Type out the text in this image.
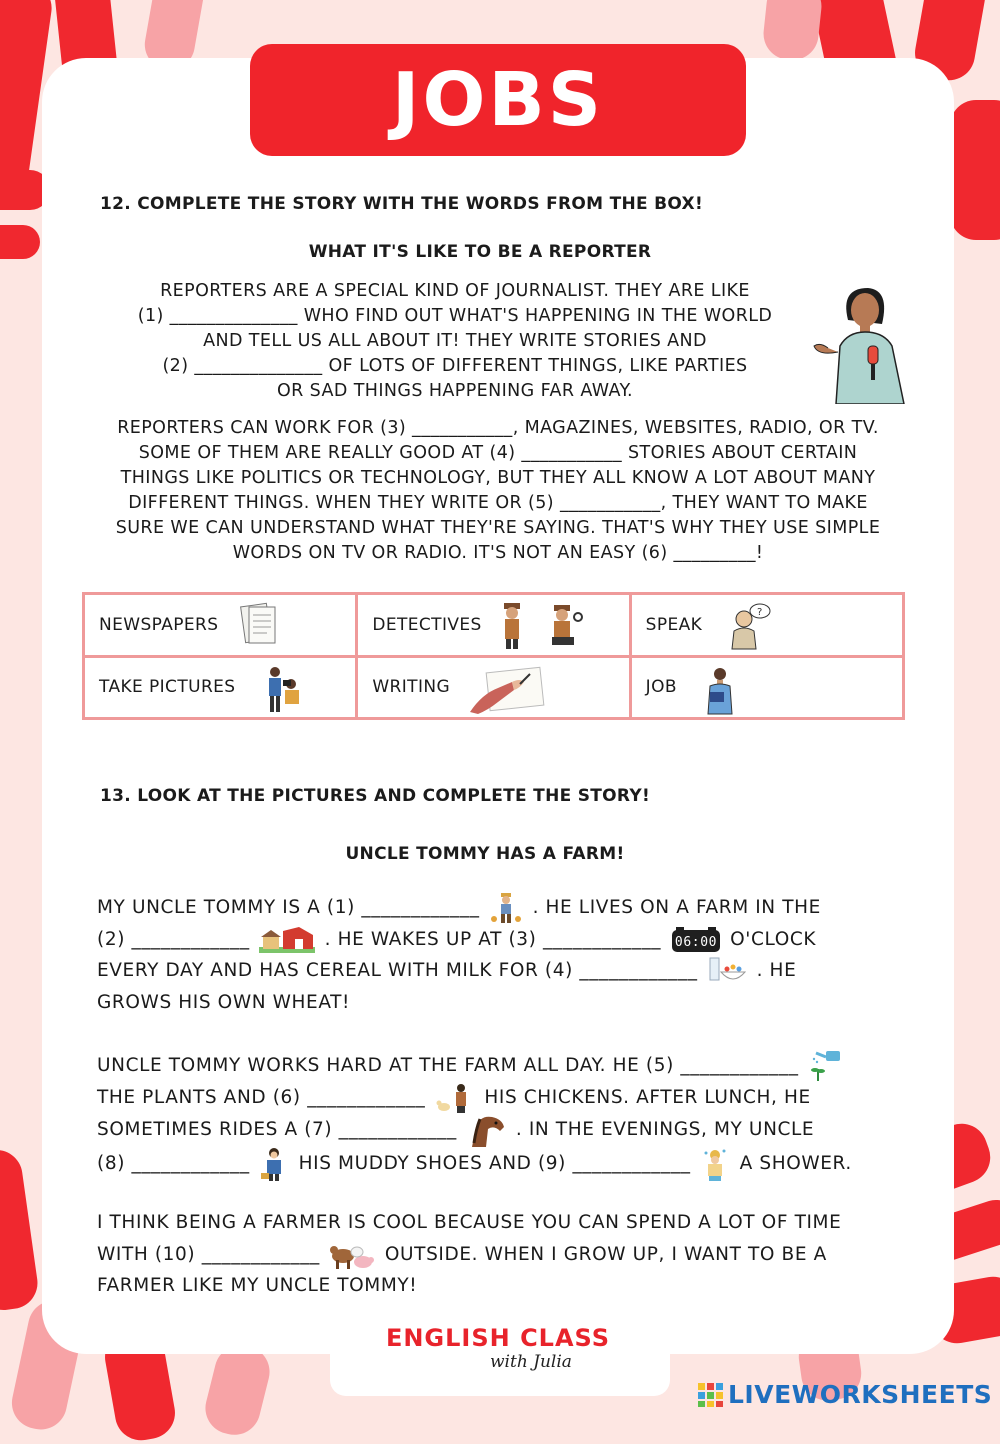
JOBS
12. COMPLETE THE STORY WITH THE WORDS FROM THE BOX!
WHAT IT'S LIKE TO BE A REPORTER
REPORTERS ARE A SPECIAL KIND OF JOURNALIST. THEY ARE LIKE
(1) ______________ WHO FIND OUT WHAT'S HAPPENING IN THE WORLD
AND TELL US ALL ABOUT IT! THEY WRITE STORIES AND
(2) ______________ OF LOTS OF DIFFERENT THINGS, LIKE PARTIES
OR SAD THINGS HAPPENING FAR AWAY.
REPORTERS CAN WORK FOR (3) ___________, MAGAZINES, WEBSITES, RADIO, OR TV.
SOME OF THEM ARE REALLY GOOD AT (4) ___________ STORIES ABOUT CERTAIN
THINGS LIKE POLITICS OR TECHNOLOGY, BUT THEY ALL KNOW A LOT ABOUT MANY
DIFFERENT THINGS. WHEN THEY WRITE OR (5) ___________, THEY WANT TO MAKE
SURE WE CAN UNDERSTAND WHAT THEY'RE SAYING. THAT'S WHY THEY USE SIMPLE
WORDS ON TV OR RADIO. IT'S NOT AN EASY (6) _________!
NEWSPAPERS	DETECTIVES	SPEAK
?

TAKE PICTURES	WRITING	JOB
13. LOOK AT THE PICTURES AND COMPLETE THE STORY!
UNCLE TOMMY HAS A FARM!
MY UNCLE TOMMY IS A (1) ____________	. HE LIVES ON A FARM IN THE
(2) ____________	. HE WAKES UP AT (3) ____________ 06:00 O'CLOCK
EVERY DAY AND HAS CEREAL WITH MILK FOR (4) ____________	. HE
GROWS HIS OWN WHEAT!
UNCLE TOMMY WORKS HARD AT THE FARM ALL DAY. HE (5) ____________
THE PLANTS AND (6) ____________	HIS CHICKENS. AFTER LUNCH, HE
SOMETIMES RIDES A (7) ____________	. IN THE EVENINGS, MY UNCLE
(8) ____________	HIS MUDDY SHOES AND (9) ____________	A SHOWER.
I THINK BEING A FARMER IS COOL BECAUSE YOU CAN SPEND A LOT OF TIME
WITH (10) ____________	OUTSIDE. WHEN I GROW UP, I WANT TO BE A
FARMER LIKE MY UNCLE TOMMY!
ENGLISH CLASS
with Julia
LIVEWORKSHEETS
